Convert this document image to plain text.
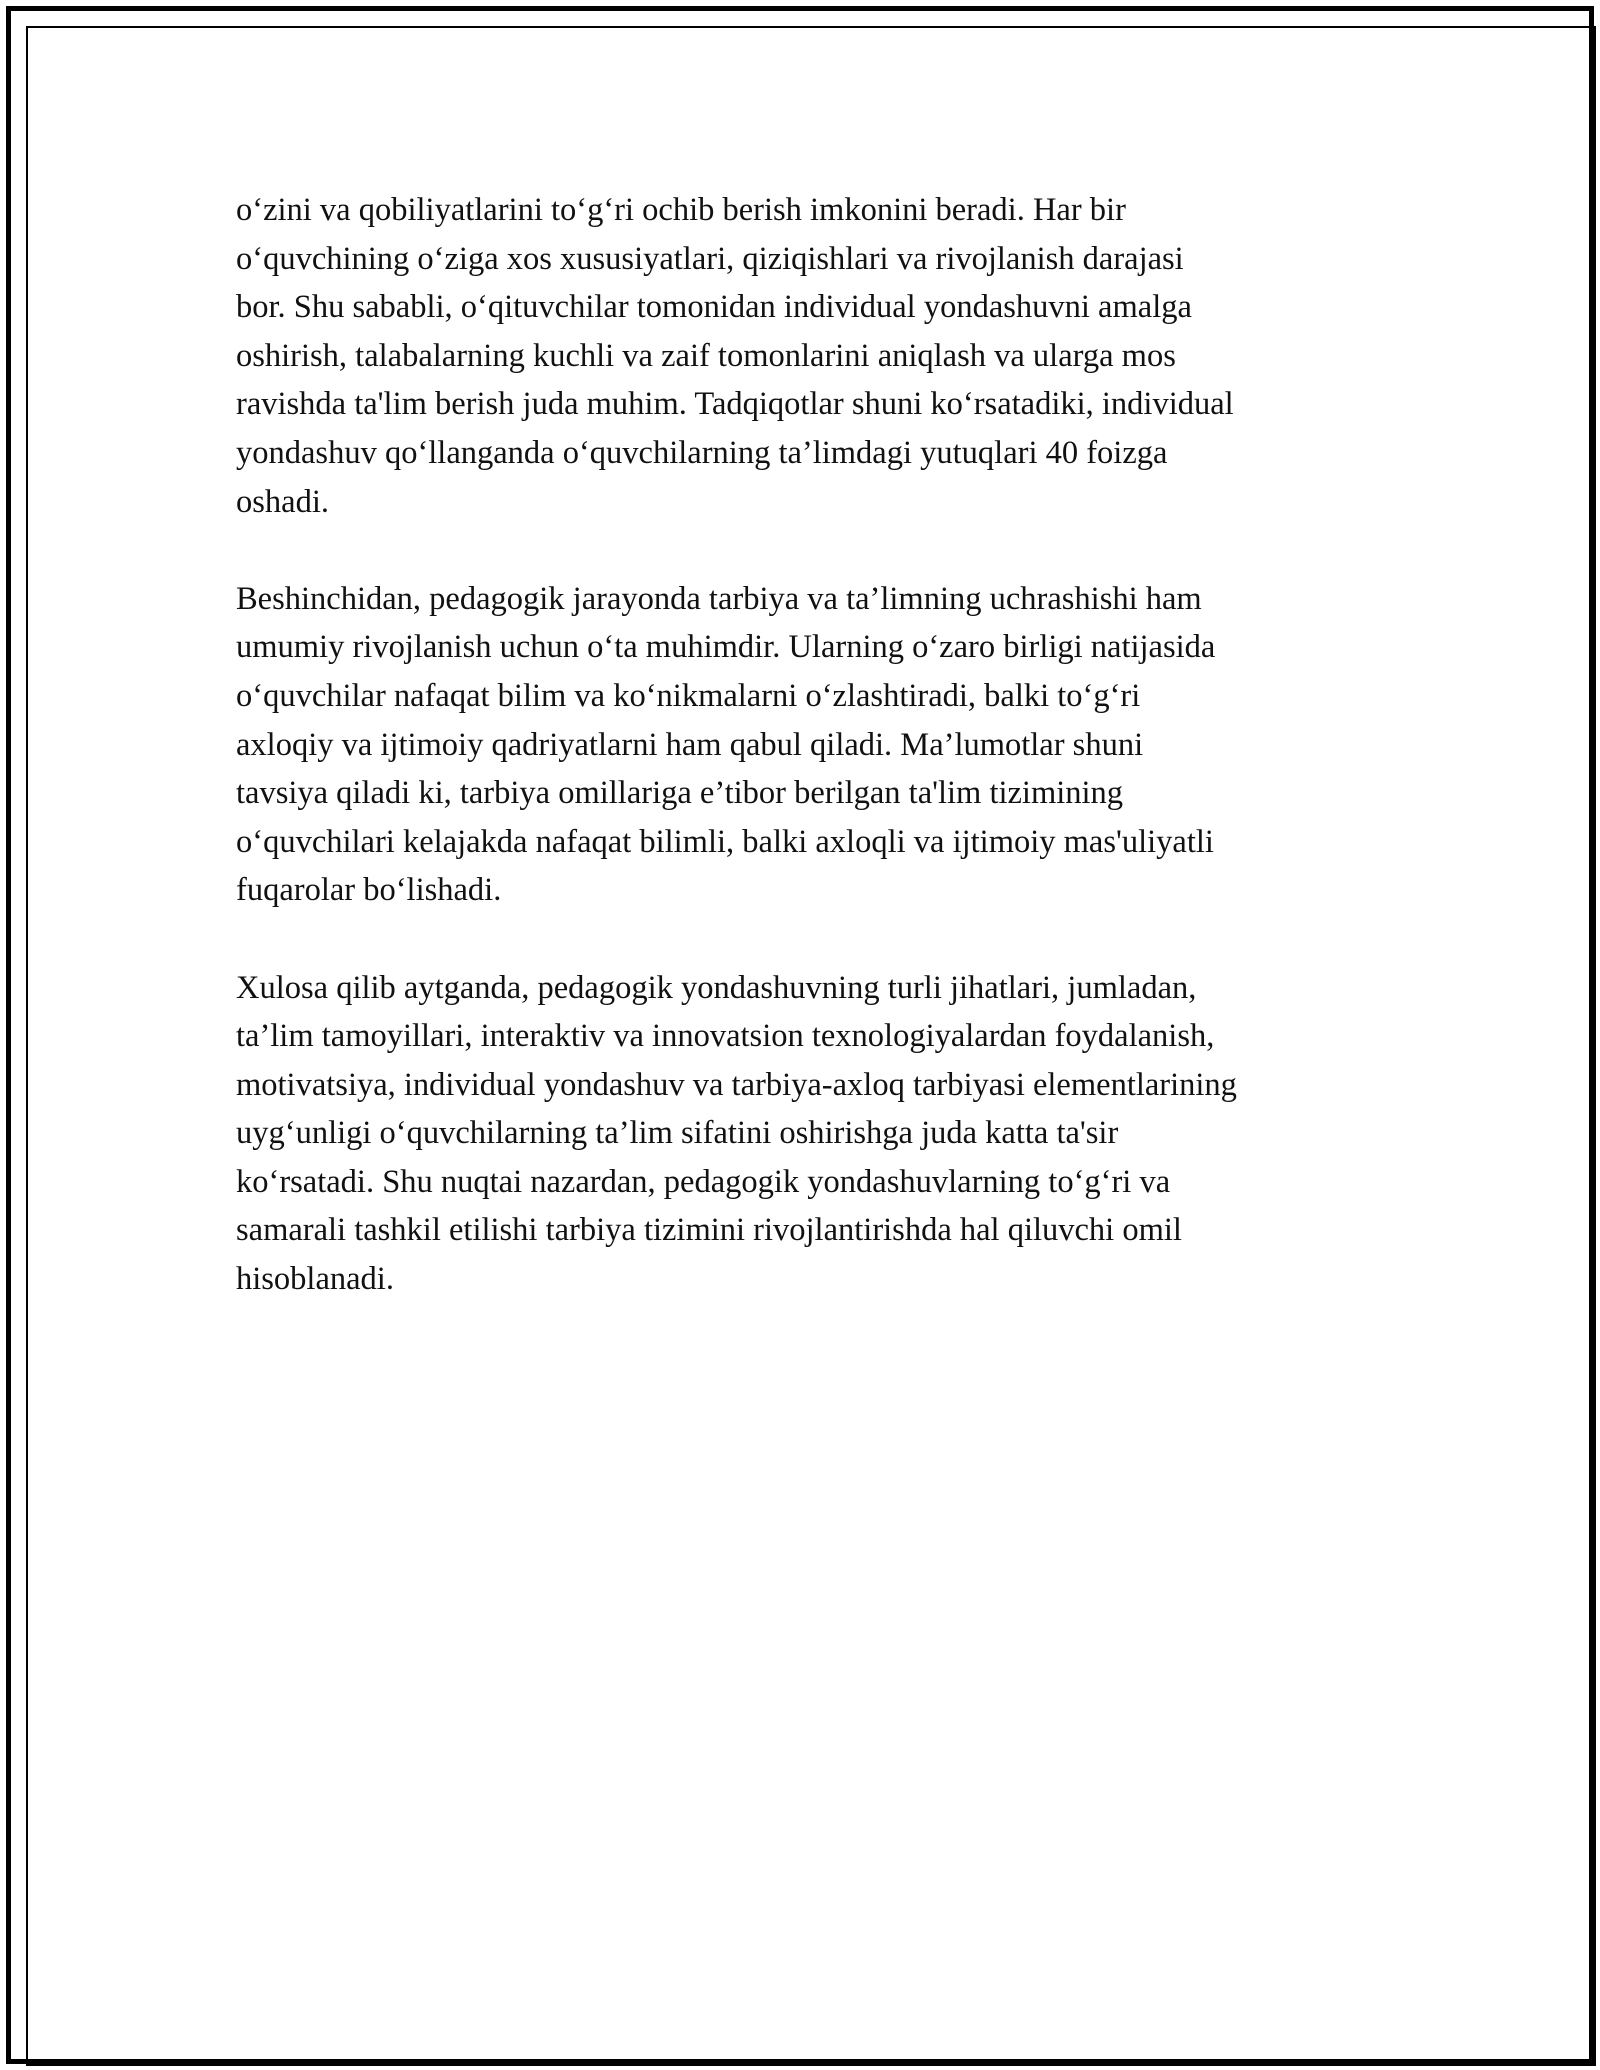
o‘zini va qobiliyatlarini to‘g‘ri ochib berish imkonini beradi. Har bir
o‘quvchining o‘ziga xos xususiyatlari, qiziqishlari va rivojlanish darajasi
bor. Shu sababli, o‘qituvchilar tomonidan individual yondashuvni amalga
oshirish, talabalarning kuchli va zaif tomonlarini aniqlash va ularga mos
ravishda ta'lim berish juda muhim. Tadqiqotlar shuni ko‘rsatadiki, individual
yondashuv qo‘llanganda o‘quvchilarning ta’limdagi yutuqlari 40 foizga
oshadi.

Beshinchidan, pedagogik jarayonda tarbiya va ta’limning uchrashishi ham
umumiy rivojlanish uchun o‘ta muhimdir. Ularning o‘zaro birligi natijasida
o‘quvchilar nafaqat bilim va ko‘nikmalarni o‘zlashtiradi, balki to‘g‘ri
axloqiy va ijtimoiy qadriyatlarni ham qabul qiladi. Ma’lumotlar shuni
tavsiya qiladi ki, tarbiya omillariga e’tibor berilgan ta'lim tizimining
o‘quvchilari kelajakda nafaqat bilimli, balki axloqli va ijtimoiy mas'uliyatli
fuqarolar bo‘lishadi.

Xulosa qilib aytganda, pedagogik yondashuvning turli jihatlari, jumladan,
ta’lim tamoyillari, interaktiv va innovatsion texnologiyalardan foydalanish,
motivatsiya, individual yondashuv va tarbiya-axloq tarbiyasi elementlarining
uyg‘unligi o‘quvchilarning ta’lim sifatini oshirishga juda katta ta'sir
ko‘rsatadi. Shu nuqtai nazardan, pedagogik yondashuvlarning to‘g‘ri va
samarali tashkil etilishi tarbiya tizimini rivojlantirishda hal qiluvchi omil
hisoblanadi.
